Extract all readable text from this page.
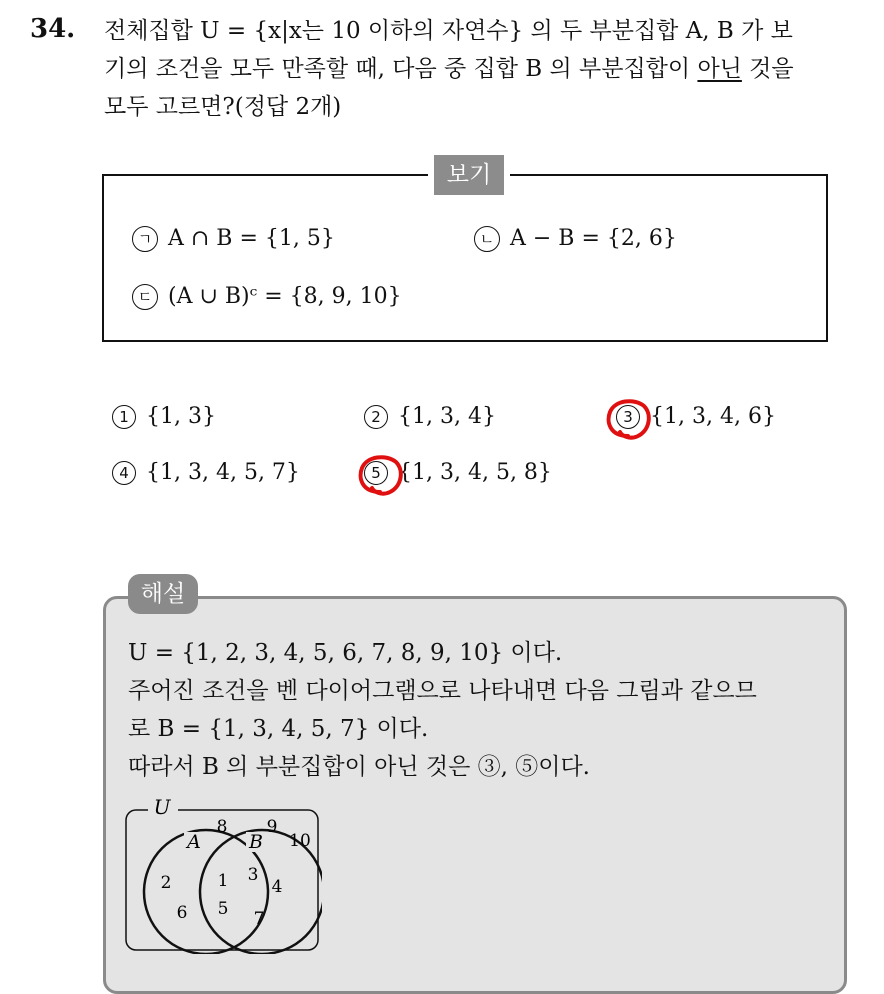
34. 전체집합 U = {x|x는 10 이하의 자연수} 의 두 부분집합 A, B 가 보
기의 조건을 모두 만족할 때, 다음 중 집합 B 의 부분집합이 아닌 것을
모두 고르면?(정답 2개)
보기
ㄱ A ∩ B = {1, 5}	ㄴ A − B = {2, 6}
ㄷ (A ∪ B)ᶜ = {8, 9, 10}
1 {1, 3}	2 {1, 3, 4}	3 {1, 3, 4, 6}
4 {1, 3, 4, 5, 7}	5 {1, 3, 4, 5, 8}
해설
U = {1, 2, 3, 4, 5, 6, 7, 8, 9, 10} 이다.
주어진 조건을 벤 다이어그램으로 나타내면 다음 그림과 같으므
로 B = {1, 3, 4, 5, 7} 이다.
따라서 B 의 부분집합이 아닌 것은 ③, ⑤이다.
U
A	B
2
6
1
5
3
4
7
8 9
10
